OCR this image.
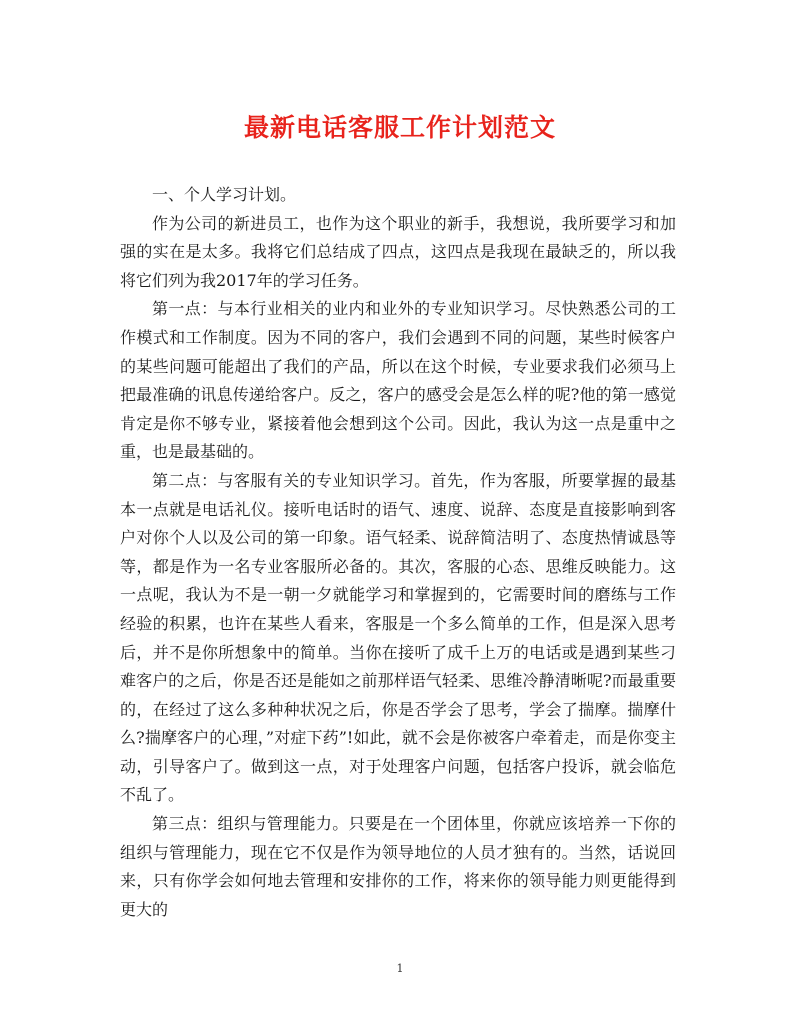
最新电话客服工作计划范文

一、个人学习计划。

作为公司的新进员工，也作为这个职业的新手，我想说，我所要学习和加强的实在是太多。我将它们总结成了四点，这四点是我现在最缺乏的，所以我将它们列为我2017年的学习任务。

第一点：与本行业相关的业内和业外的专业知识学习。尽快熟悉公司的工作模式和工作制度。因为不同的客户，我们会遇到不同的问题，某些时候客户的某些问题可能超出了我们的产品，所以在这个时候，专业要求我们必须马上把最准确的讯息传递给客户。反之，客户的感受会是怎么样的呢?他的第一感觉肯定是你不够专业，紧接着他会想到这个公司。因此，我认为这一点是重中之重，也是最基础的。

第二点：与客服有关的专业知识学习。首先，作为客服，所要掌握的最基本一点就是电话礼仪。接听电话时的语气、速度、说辞、态度是直接影响到客户对你个人以及公司的第一印象。语气轻柔、说辞简洁明了、态度热情诚恳等等，都是作为一名专业客服所必备的。其次，客服的心态、思维反映能力。这一点呢，我认为不是一朝一夕就能学习和掌握到的，它需要时间的磨练与工作经验的积累，也许在某些人看来，客服是一个多么简单的工作，但是深入思考后，并不是你所想象中的简单。当你在接听了成千上万的电话或是遇到某些刁难客户的之后，你是否还是能如之前那样语气轻柔、思维冷静清晰呢?而最重要的，在经过了这么多种种状况之后，你是否学会了思考，学会了揣摩。揣摩什么?揣摩客户的心理，”对症下药”!如此，就不会是你被客户牵着走，而是你变主动，引导客户了。做到这一点，对于处理客户问题，包括客户投诉，就会临危不乱了。

第三点：组织与管理能力。只要是在一个团体里，你就应该培养一下你的组织与管理能力，现在它不仅是作为领导地位的人员才独有的。当然，话说回来，只有你学会如何地去管理和安排你的工作，将来你的领导能力则更能得到更大的

1
